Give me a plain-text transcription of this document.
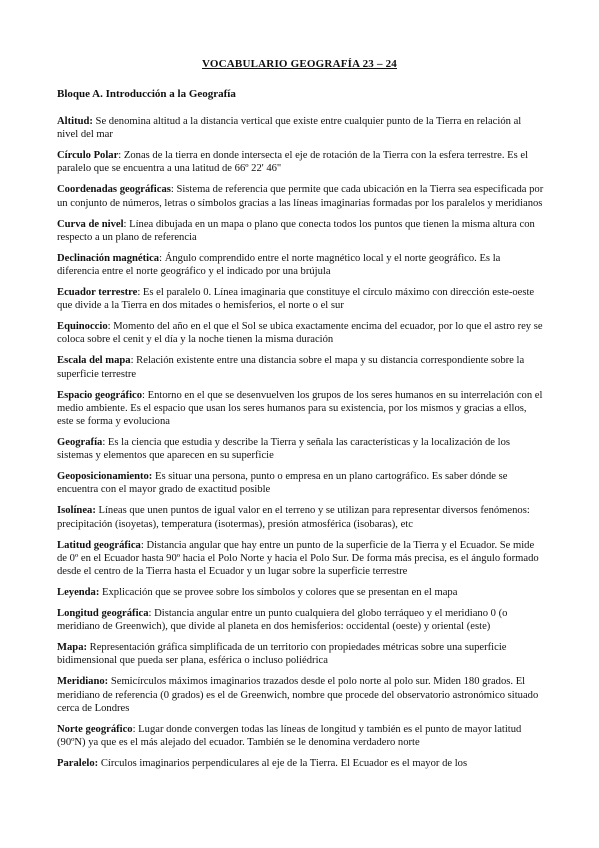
VOCABULARIO GEOGRAFÍA 23 – 24
Bloque A. Introducción a la Geografía

Altitud: Se denomina altitud a la distancia vertical que existe entre cualquier punto de la Tierra en relación al nivel del mar

Círculo Polar: Zonas de la tierra en donde intersecta el eje de rotación de la Tierra con la esfera terrestre. Es el paralelo que se encuentra a una latitud de 66º 22' 46"

Coordenadas geográficas: Sistema de referencia que permite que cada ubicación en la Tierra sea especificada por un conjunto de números, letras o símbolos gracias a las líneas imaginarias formadas por los paralelos y meridianos

Curva de nivel: Línea dibujada en un mapa o plano que conecta todos los puntos que tienen la misma altura con respecto a un plano de referencia

Declinación magnética: Ángulo comprendido entre el norte magnético local y el norte geográfico. Es la diferencia entre el norte geográfico y el indicado por una brújula

Ecuador terrestre: Es el paralelo 0. Línea imaginaria que constituye el círculo máximo con dirección este-oeste que divide a la Tierra en dos mitades o hemisferios, el norte o el sur

Equinoccio: Momento del año en el que el Sol se ubica exactamente encima del ecuador, por lo que el astro rey se coloca sobre el cenit y el día y la noche tienen la misma duración

Escala del mapa: Relación existente entre una distancia sobre el mapa y su distancia correspondiente sobre la superficie terrestre

Espacio geográfico: Entorno en el que se desenvuelven los grupos de los seres humanos en su interrelación con el medio ambiente. Es el espacio que usan los seres humanos para su existencia, por los mismos y gracias a ellos, este se forma y evoluciona

Geografía: Es la ciencia que estudia y describe la Tierra y señala las características y la localización de los sistemas y elementos que aparecen en su superficie

Geoposicionamiento: Es situar una persona, punto o empresa en un plano cartográfico. Es saber dónde se encuentra con el mayor grado de exactitud posible

Isolínea: Líneas que unen puntos de igual valor en el terreno y se utilizan para representar diversos fenómenos: precipitación (isoyetas), temperatura (isotermas), presión atmosférica (isobaras), etc

Latitud geográfica: Distancia angular que hay entre un punto de la superficie de la Tierra y el Ecuador. Se mide de 0º en el Ecuador hasta 90º hacia el Polo Norte y hacia el Polo Sur. De forma más precisa, es el ángulo formado desde el centro de la Tierra hasta el Ecuador y un lugar sobre la superficie terrestre

Leyenda: Explicación que se provee sobre los símbolos y colores que se presentan en el mapa

Longitud geográfica: Distancia angular entre un punto cualquiera del globo terráqueo y el meridiano 0 (o meridiano de Greenwich), que divide al planeta en dos hemisferios: occidental (oeste) y oriental (este)

Mapa: Representación gráfica simplificada de un territorio con propiedades métricas sobre una superficie bidimensional que pueda ser plana, esférica o incluso poliédrica

Meridiano: Semicírculos máximos imaginarios trazados desde el polo norte al polo sur. Miden 180 grados. El meridiano de referencia (0 grados) es el de Greenwich, nombre que procede del observatorio astronómico situado cerca de Londres

Norte geográfico: Lugar donde convergen todas las líneas de longitud y también es el punto de mayor latitud (90ºN) ya que es el más alejado del ecuador. También se le denomina verdadero norte

Paralelo: Círculos imaginarios perpendiculares al eje de la Tierra. El Ecuador es el mayor de los
